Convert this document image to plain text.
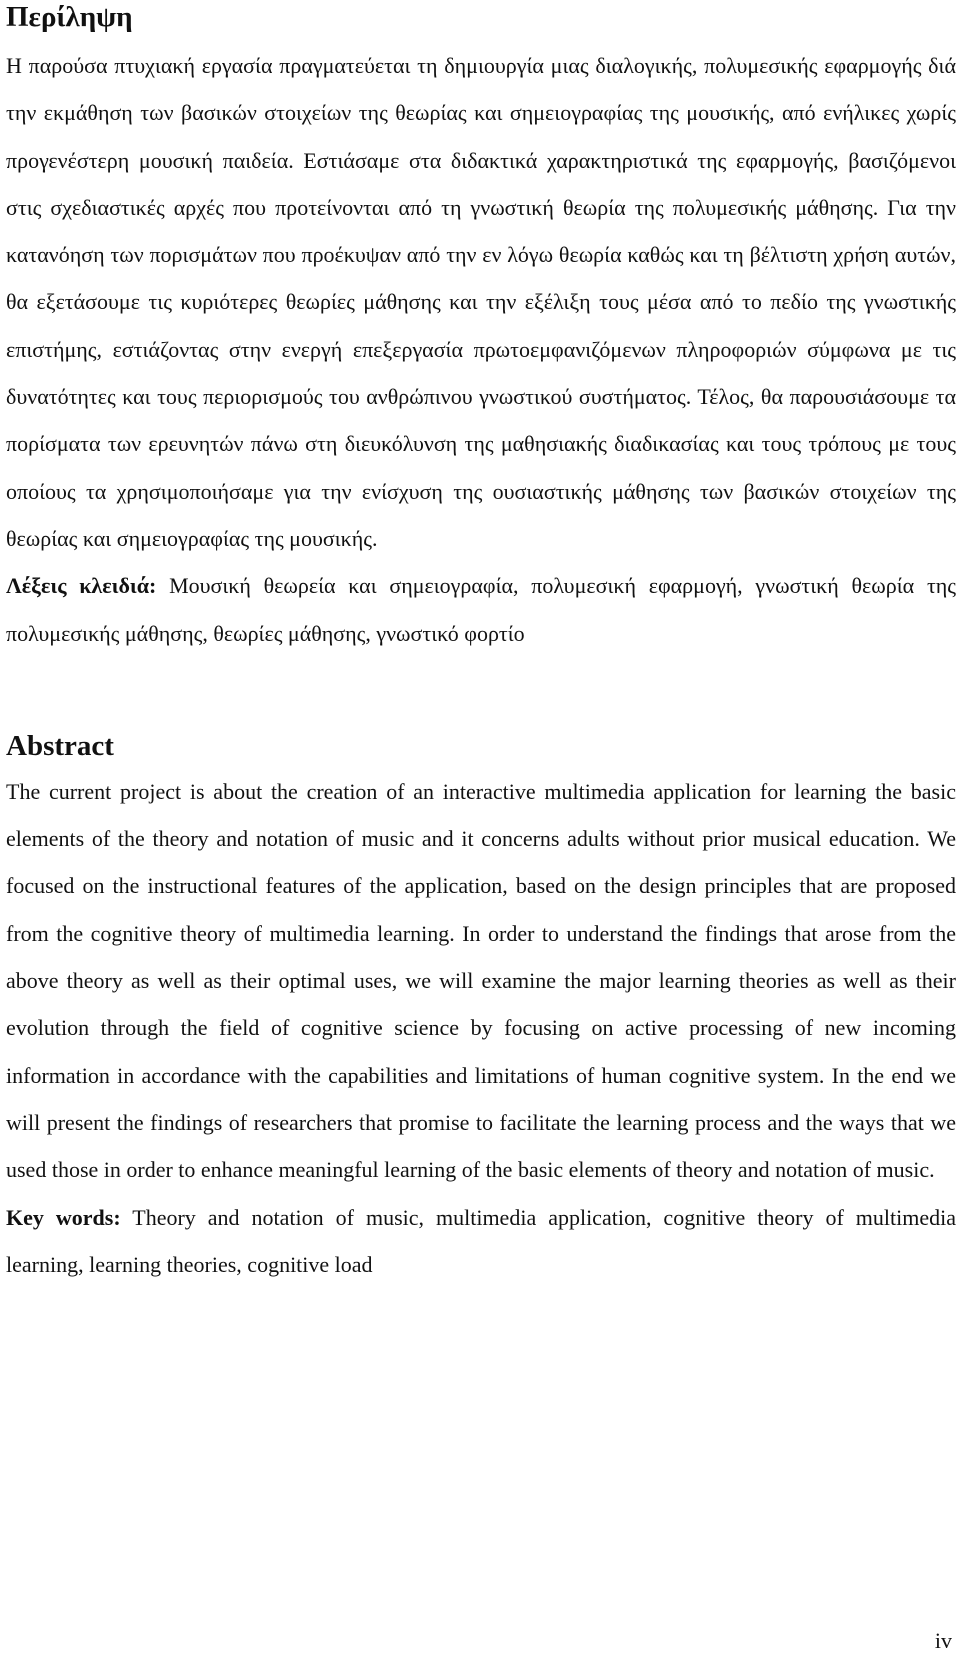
Περίληψη

Η παρούσα πτυχιακή εργασία πραγματεύεται τη δημιουργία μιας διαλογικής, πολυμεσικής εφαρμογής διά την εκμάθηση των βασικών στοιχείων της θεωρίας και σημειογραφίας της μουσικής, από ενήλικες χωρίς προγενέστερη μουσική παιδεία. Εστιάσαμε στα διδακτικά χαρακτηριστικά της εφαρμογής, βασιζόμενοι στις σχεδιαστικές αρχές που προτείνονται από τη γνωστική θεωρία της πολυμεσικής μάθησης. Για την κατανόηση των πορισμάτων που προέκυψαν από την εν λόγω θεωρία καθώς και τη βέλτιστη χρήση αυτών, θα εξετάσουμε τις κυριότερες θεωρίες μάθησης και την εξέλιξη τους μέσα από το πεδίο της γνωστικής επιστήμης, εστιάζοντας στην ενεργή επεξεργασία πρωτοεμφανιζόμενων πληροφοριών σύμφωνα με τις δυνατότητες και τους περιορισμούς του ανθρώπινου γνωστικού συστήματος. Τέλος, θα παρουσιάσουμε τα πορίσματα των ερευνητών πάνω στη διευκόλυνση της μαθησιακής διαδικασίας και τους τρόπους με τους οποίους τα χρησιμοποιήσαμε για την ενίσχυση της ουσιαστικής μάθησης των βασικών στοιχείων της θεωρίας και σημειογραφίας της μουσικής.

Λέξεις κλειδιά: Μουσική θεωρεία και σημειογραφία, πολυμεσική εφαρμογή, γνωστική θεωρία της πολυμεσικής μάθησης, θεωρίες μάθησης, γνωστικό φορτίο

Abstract

The current project is about the creation of an interactive multimedia application for learning the basic elements of the theory and notation of music and it concerns adults without prior musical education. We focused on the instructional features of the application, based on the design principles that are proposed from the cognitive theory of multimedia learning. In order to understand the findings that arose from the above theory as well as their optimal uses, we will examine the major learning theories as well as their evolution through the field of cognitive science by focusing on active processing of new incoming information in accordance with the capabilities and limitations of human cognitive system. In the end we will present the findings of researchers that promise to facilitate the learning process and the ways that we used those in order to enhance meaningful learning of the basic elements of theory and notation of music.

Key words: Theory and notation of music, multimedia application, cognitive theory of multimedia learning, learning theories, cognitive load

iv
